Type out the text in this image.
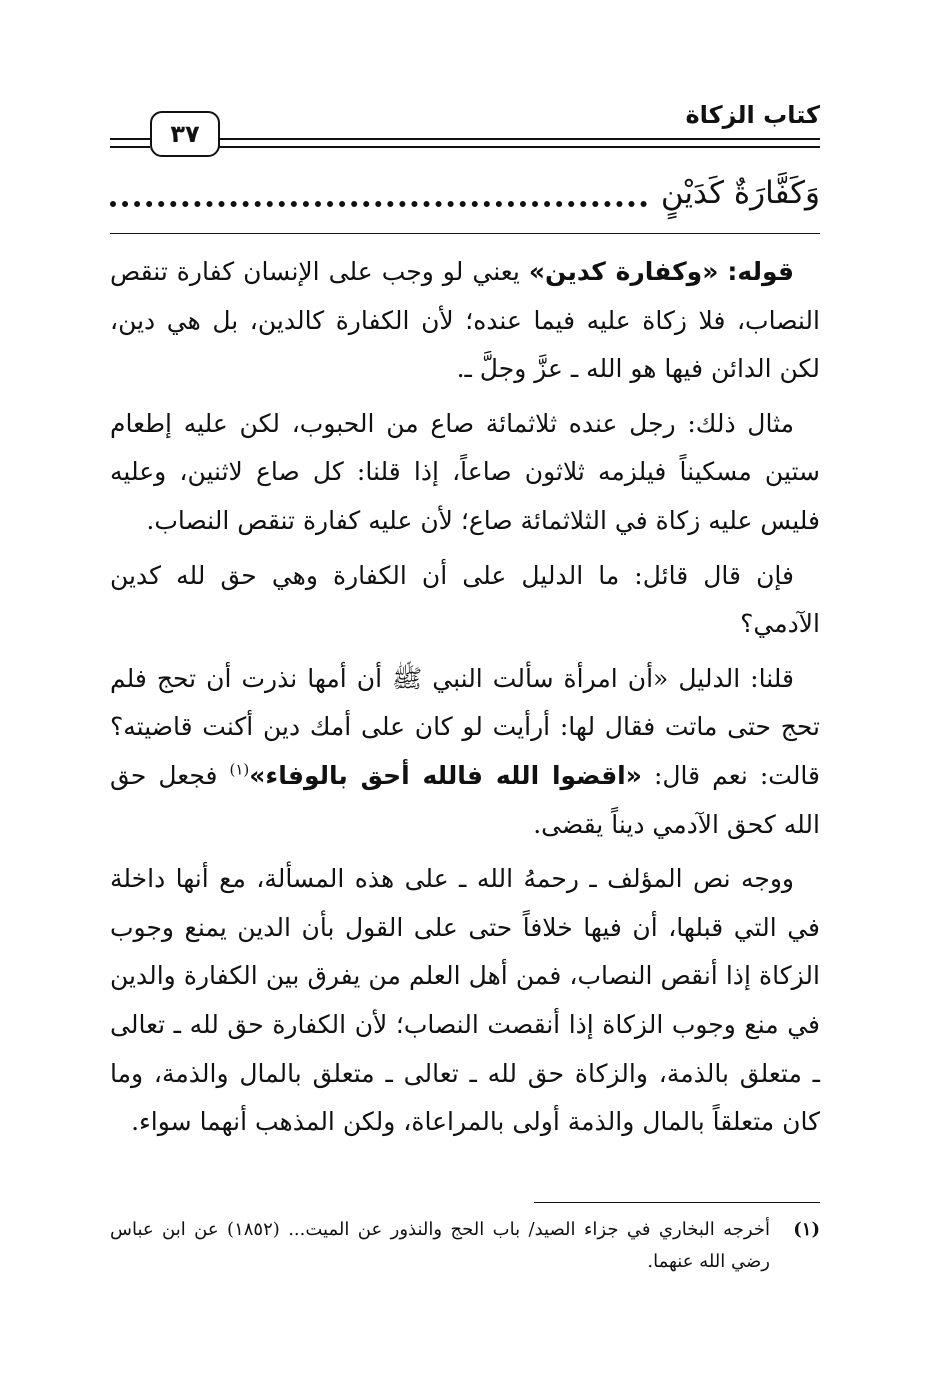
كتاب الزكاة
٣٧
وَكَفَّارَةٌ كَدَيْنٍ

قوله: «وكفارة كدين» يعني لو وجب على الإنسان كفارة تنقص النصاب، فلا زكاة عليه فيما عنده؛ لأن الكفارة كالدين، بل هي دين، لكن الدائن فيها هو الله ـ عزَّ وجلَّ ـ.

مثال ذلك: رجل عنده ثلاثمائة صاع من الحبوب، لكن عليه إطعام ستين مسكيناً فيلزمه ثلاثون صاعاً، إذا قلنا: كل صاع لاثنين، وعليه فليس عليه زكاة في الثلاثمائة صاع؛ لأن عليه كفارة تنقص النصاب.

فإن قال قائل: ما الدليل على أن الكفارة وهي حق لله كدين الآدمي؟

قلنا: الدليل «أن امرأة سألت النبي ﷺ أن أمها نذرت أن تحج فلم تحج حتى ماتت فقال لها: أرأيت لو كان على أمك دين أكنت قاضيته؟ قالت: نعم قال: «اقضوا الله فالله أحق بالوفاء»$^{(١)}$ فجعل حق الله كحق الآدمي ديناً يقضى.

ووجه نص المؤلف ـ رحمهُ الله ـ على هذه المسألة، مع أنها داخلة في التي قبلها، أن فيها خلافاً حتى على القول بأن الدين يمنع وجوب الزكاة إذا أنقص النصاب، فمن أهل العلم من يفرق بين الكفارة والدين في منع وجوب الزكاة إذا أنقصت النصاب؛ لأن الكفارة حق لله ـ تعالى ـ متعلق بالذمة، والزكاة حق لله ـ تعالى ـ متعلق بالمال والذمة، وما كان متعلقاً بالمال والذمة أولى بالمراعاة، ولكن المذهب أنهما سواء.

(١)
أخرجه البخاري في جزاء الصيد/ باب الحج والنذور عن الميت... (١٨٥٢) عن ابن عباس رضي الله عنهما.
